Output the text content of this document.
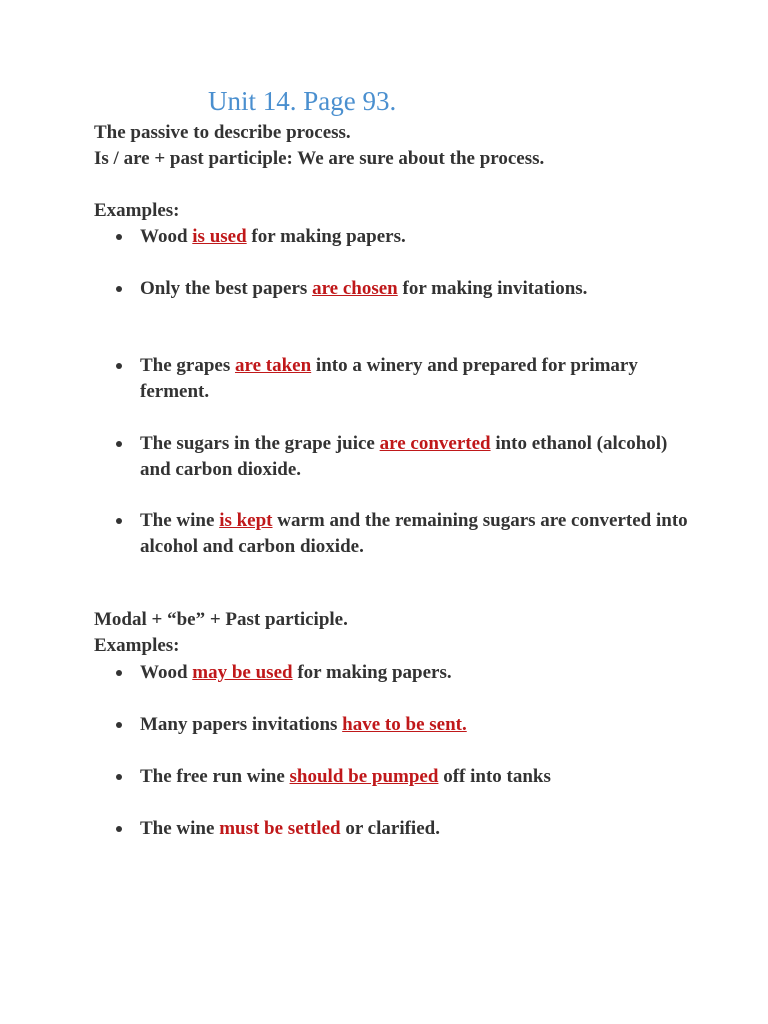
Unit 14. Page 93.
The passive to describe process.
Is / are + past participle: We are sure about the process.
Examples:
Wood is used for making papers.
Only the best papers are chosen for making invitations.
The grapes are taken into a winery and prepared for primary ferment.
The sugars in the grape juice are converted into ethanol (alcohol) and carbon dioxide.
The wine is kept warm and the remaining sugars are converted into alcohol and carbon dioxide.
Modal + “be” + Past participle.
Examples:
Wood may be used for making papers.
Many papers invitations have to be sent.
The free run wine should be pumped off into tanks
The wine must be settled or clarified.
